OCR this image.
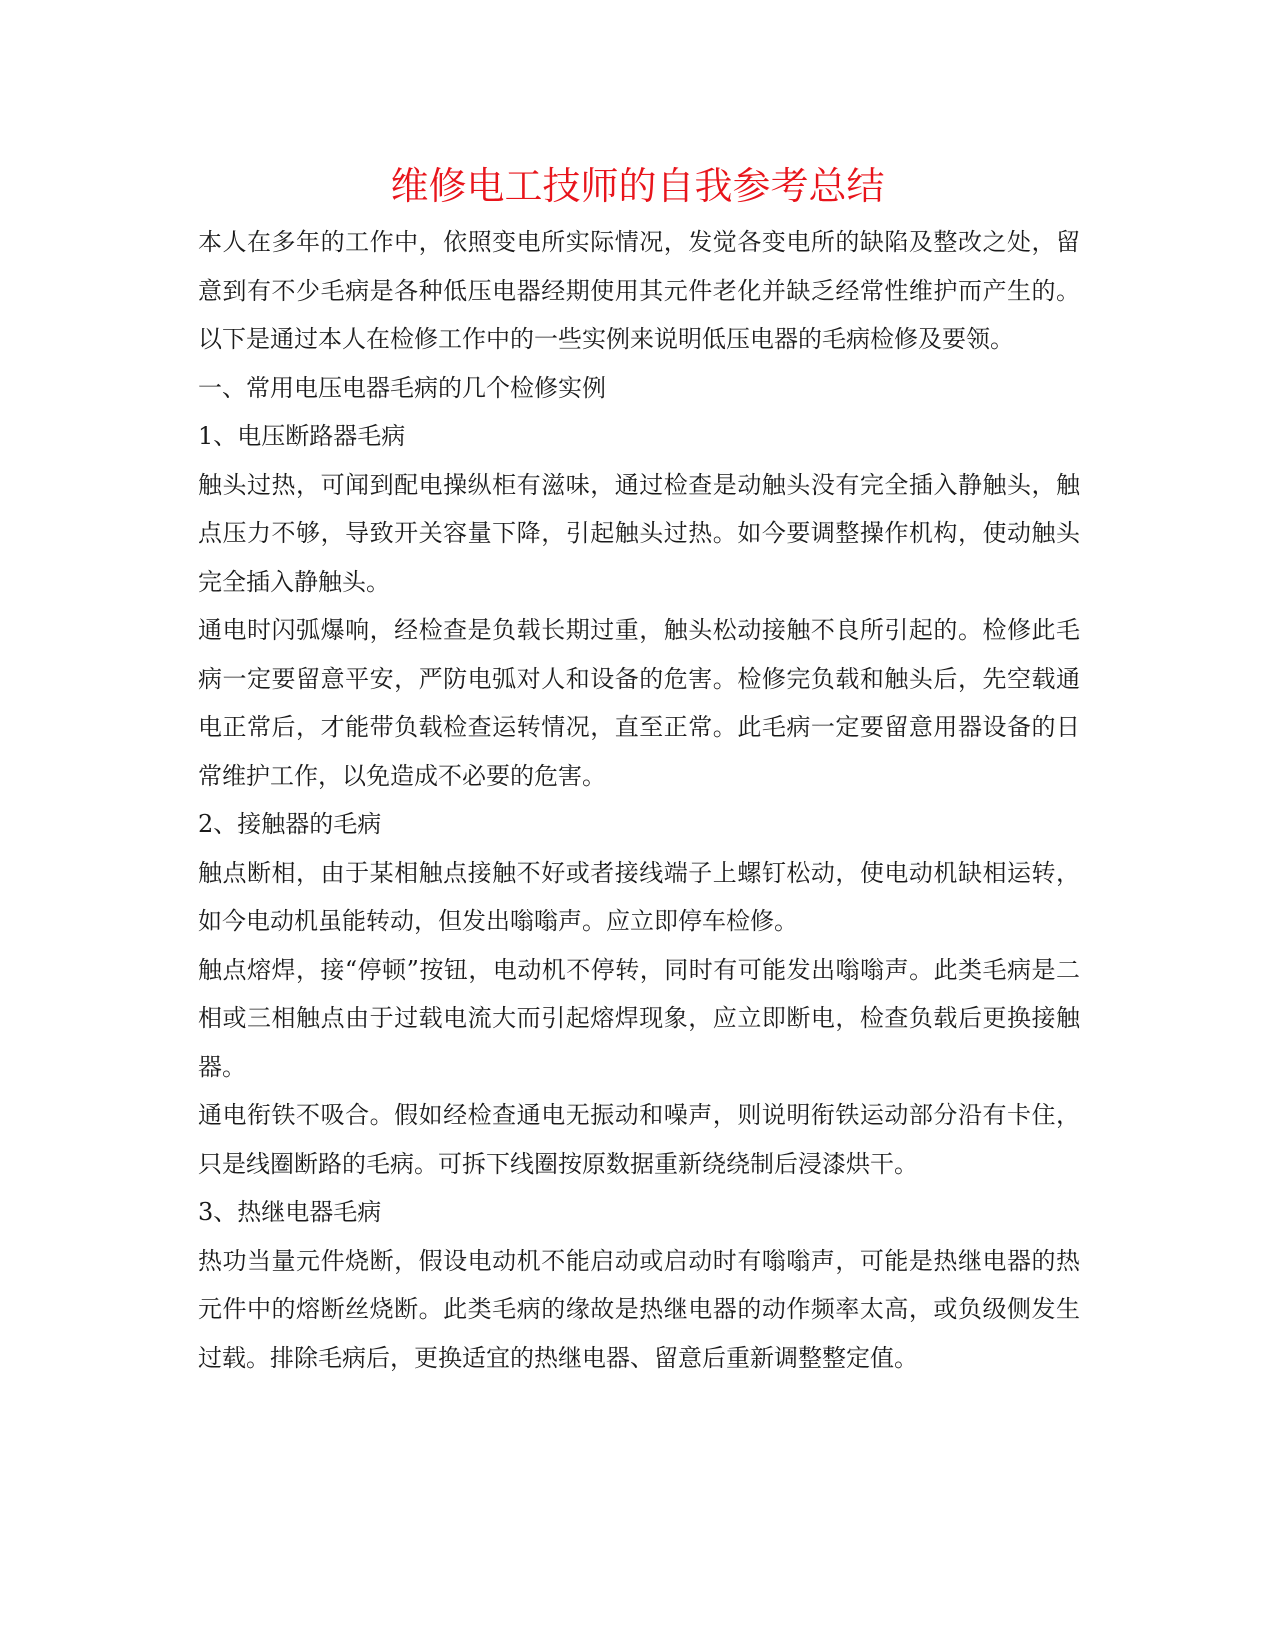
维修电工技师的自我参考总结

本人在多年的工作中，依照变电所实际情况，发觉各变电所的缺陷及整改之处，留意到有不少毛病是各种低压电器经期使用其元件老化并缺乏经常性维护而产生的。以下是通过本人在检修工作中的一些实例来说明低压电器的毛病检修及要领。

一、常用电压电器毛病的几个检修实例

1、电压断路器毛病

触头过热，可闻到配电操纵柜有滋味，通过检查是动触头没有完全插入静触头，触点压力不够，导致开关容量下降，引起触头过热。如今要调整操作机构，使动触头完全插入静触头。

通电时闪弧爆响，经检查是负载长期过重，触头松动接触不良所引起的。检修此毛病一定要留意平安，严防电弧对人和设备的危害。检修完负载和触头后，先空载通电正常后，才能带负载检查运转情况，直至正常。此毛病一定要留意用器设备的日常维护工作，以免造成不必要的危害。

2、接触器的毛病

触点断相，由于某相触点接触不好或者接线端子上螺钉松动，使电动机缺相运转，如今电动机虽能转动，但发出嗡嗡声。应立即停车检修。

触点熔焊，接“停顿”按钮，电动机不停转，同时有可能发出嗡嗡声。此类毛病是二相或三相触点由于过载电流大而引起熔焊现象，应立即断电，检查负载后更换接触器。

通电衔铁不吸合。假如经检查通电无振动和噪声，则说明衔铁运动部分沿有卡住，只是线圈断路的毛病。可拆下线圈按原数据重新绕绕制后浸漆烘干。

3、热继电器毛病

热功当量元件烧断，假设电动机不能启动或启动时有嗡嗡声，可能是热继电器的热元件中的熔断丝烧断。此类毛病的缘故是热继电器的动作频率太高，或负级侧发生过载。排除毛病后，更换适宜的热继电器、留意后重新调整整定值。
